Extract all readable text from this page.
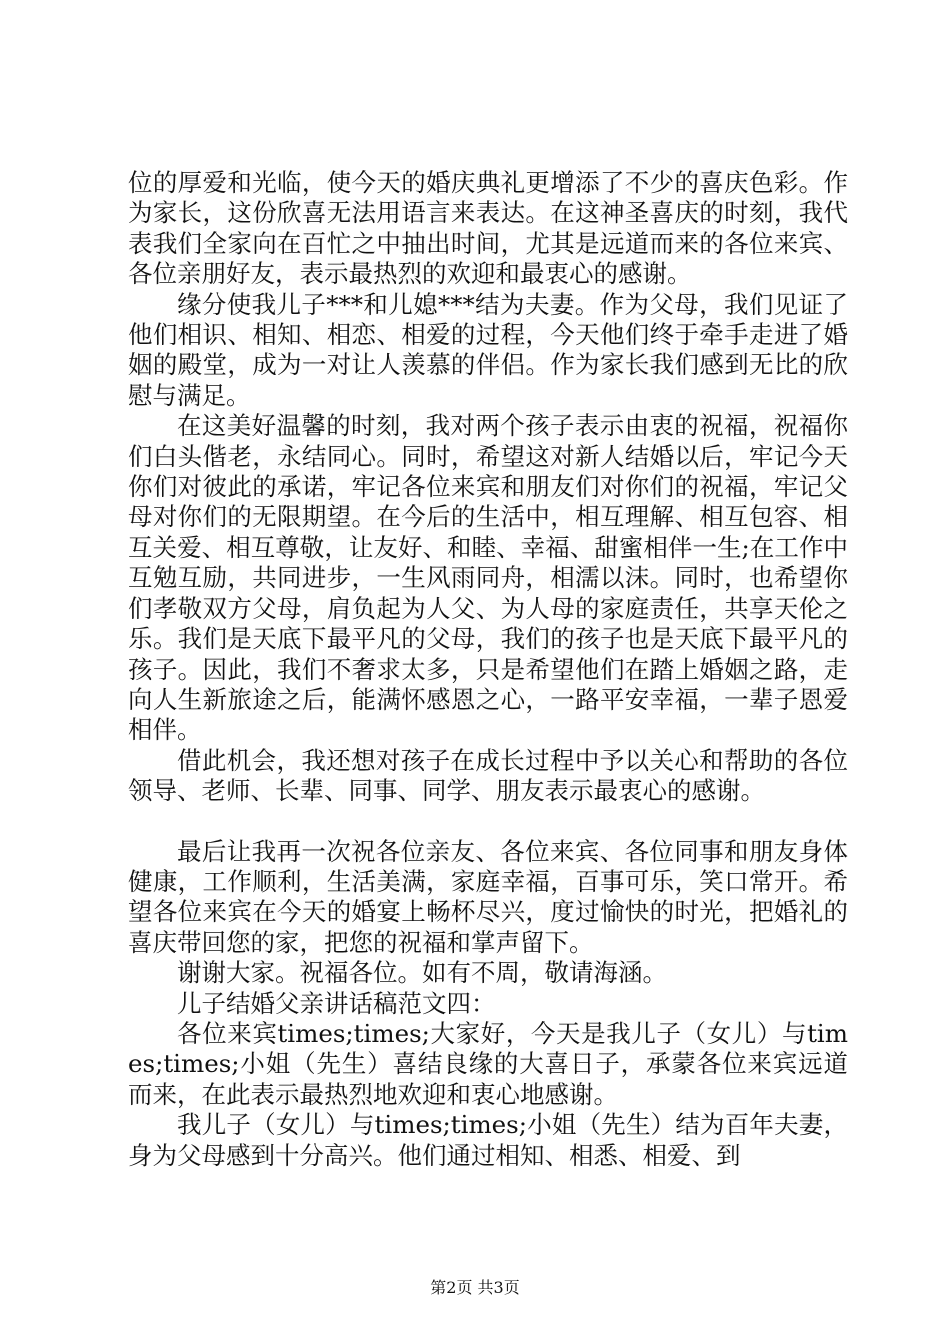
位的厚爱和光临，使今天的婚庆典礼更增添了不少的喜庆色彩。作为家长，这份欣喜无法用语言来表达。在这神圣喜庆的时刻，我代表我们全家向在百忙之中抽出时间，尤其是远道而来的各位来宾、各位亲朋好友，表示最热烈的欢迎和最衷心的感谢。

缘分使我儿子***和儿媳***结为夫妻。作为父母，我们见证了他们相识、相知、相恋、相爱的过程，今天他们终于牵手走进了婚姻的殿堂，成为一对让人羡慕的伴侣。作为家长我们感到无比的欣慰与满足。

在这美好温馨的时刻，我对两个孩子表示由衷的祝福，祝福你们白头偕老，永结同心。同时，希望这对新人结婚以后，牢记今天你们对彼此的承诺，牢记各位来宾和朋友们对你们的祝福，牢记父母对你们的无限期望。在今后的生活中，相互理解、相互包容、相互关爱、相互尊敬，让友好、和睦、幸福、甜蜜相伴一生;在工作中互勉互励，共同进步，一生风雨同舟，相濡以沫。同时，也希望你们孝敬双方父母，肩负起为人父、为人母的家庭责任，共享天伦之乐。我们是天底下最平凡的父母，我们的孩子也是天底下最平凡的孩子。因此，我们不奢求太多，只是希望他们在踏上婚姻之路，走向人生新旅途之后，能满怀感恩之心，一路平安幸福，一辈子恩爱相伴。

借此机会，我还想对孩子在成长过程中予以关心和帮助的各位领导、老师、长辈、同事、同学、朋友表示最衷心的感谢。

最后让我再一次祝各位亲友、各位来宾、各位同事和朋友身体健康，工作顺利，生活美满，家庭幸福，百事可乐，笑口常开。希望各位来宾在今天的婚宴上畅杯尽兴，度过愉快的时光，把婚礼的喜庆带回您的家，把您的祝福和掌声留下。

谢谢大家。祝福各位。如有不周，敬请海涵。

儿子结婚父亲讲话稿范文四：

各位来宾times;times;大家好，今天是我儿子（女儿）与times;times;小姐（先生）喜结良缘的大喜日子，承蒙各位来宾远道而来，在此表示最热烈地欢迎和衷心地感谢。

我儿子（女儿）与times;times;小姐（先生）结为百年夫妻，身为父母感到十分高兴。他们通过相知、相悉、相爱、到

第2页 共3页
